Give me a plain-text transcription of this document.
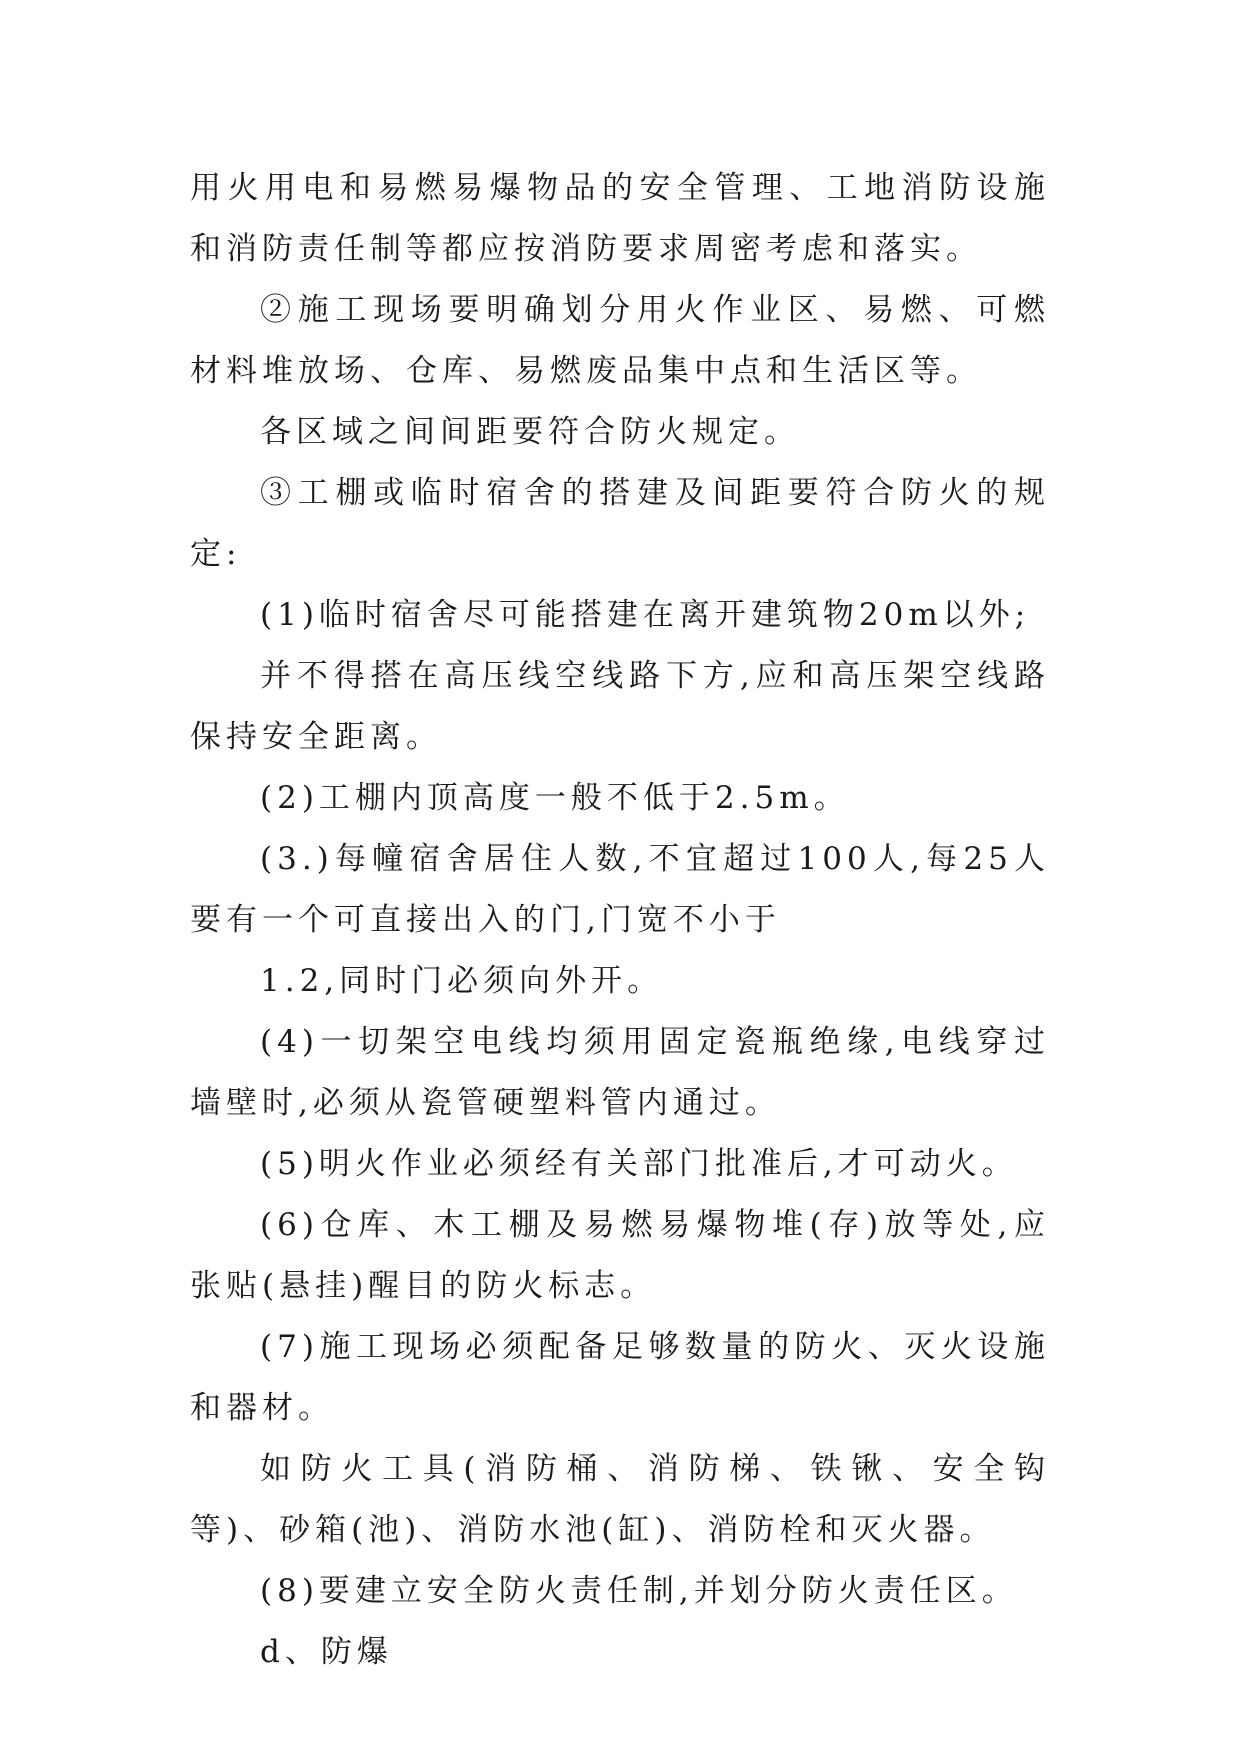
用火用电和易燃易爆物品的安全管理、工地消防设施和消防责任制等都应按消防要求周密考虑和落实。

②施工现场要明确划分用火作业区、易燃、可燃材料堆放场、仓库、易燃废品集中点和生活区等。

各区域之间间距要符合防火规定。

③工棚或临时宿舍的搭建及间距要符合防火的规定:

(1)临时宿舍尽可能搭建在离开建筑物20m以外;

并不得搭在高压线空线路下方,应和高压架空线路保持安全距离。

(2)工棚内顶高度一般不低于2.5m。

(3.)每幢宿舍居住人数,不宜超过100人,每25人要有一个可直接出入的门,门宽不小于

1.2,同时门必须向外开。

(4)一切架空电线均须用固定瓷瓶绝缘,电线穿过墙壁时,必须从瓷管硬塑料管内通过。

(5)明火作业必须经有关部门批准后,才可动火。

(6)仓库、木工棚及易燃易爆物堆(存)放等处,应张贴(悬挂)醒目的防火标志。

(7)施工现场必须配备足够数量的防火、灭火设施和器材。

如防火工具(消防桶、消防梯、铁锹、安全钩等)、砂箱(池)、消防水池(缸)、消防栓和灭火器。

(8)要建立安全防火责任制,并划分防火责任区。

d、防爆
